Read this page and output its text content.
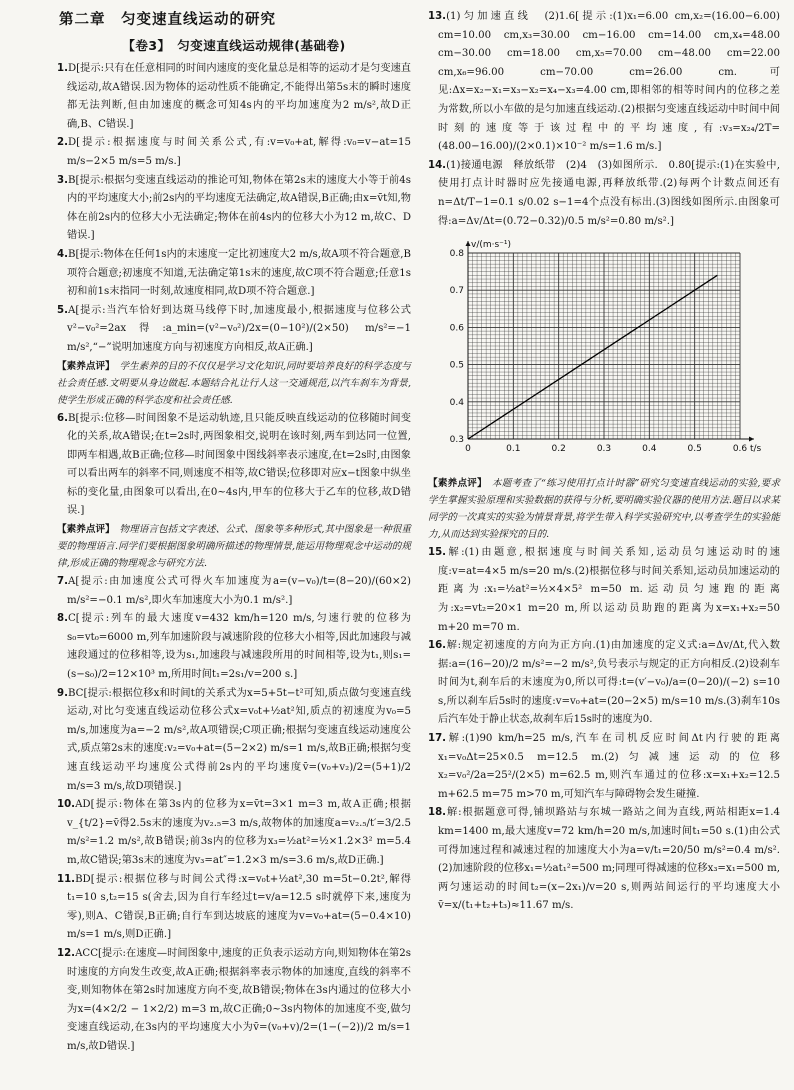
第二章　匀变速直线运动的研究
【卷3】　匀变速直线运动规律(基础卷)

1.D[提示:只有在任意相同的时间内速度的变化量总是相等的运动才是匀变速直线运动,故A错误.因为物体的运动性质不能确定,不能得出第5s末的瞬时速度都无法判断,但由加速度的概念可知4s内的平均加速度为2 m/s²,故D正确,B、C错误.]

2.D[提示:根据速度与时间关系公式,有:v=v₀+at,解得:v₀=v−at=15 m/s−2×5 m/s=5 m/s.]

3.B[提示:根据匀变速直线运动的推论可知,物体在第2s末的速度大小等于前4s内的平均速度大小;前2s内的平均速度无法确定,故A错误,B正确;由x=v̄t知,物体在前2s内的位移大小无法确定;物体在前4s内的位移大小为12 m,故C、D错误.]

4.B[提示:物体在任何1s内的末速度一定比初速度大2 m/s,故A项不符合题意,B项符合题意;初速度不知道,无法确定第1s末的速度,故C项不符合题意;任意1s初和前1s末指同一时刻,故速度相同,故D项不符合题意.]

5.A[提示:当汽车恰好到达斑马线停下时,加速度最小,根据速度与位移公式v²−v₀²=2ax得:a_min=(v²−v₀²)/2x=(0−10²)/(2×50) m/s²=−1 m/s²,“−”说明加速度方向与初速度方向相反,故A正确.]

【素养点评】　学生素养的目的不仅仅是学习文化知识,同时要培养良好的科学态度与社会责任感.文明要从身边做起.本题结合礼让行人这一交通规范,以汽车刹车为背景,使学生形成正确的科学态度和社会责任感.

6.B[提示:位移—时间图象不是运动轨迹,且只能反映直线运动的位移随时间变化的关系,故A错误;在t=2s时,两图象相交,说明在该时刻,两车到达同一位置,即两车相遇,故B正确;位移—时间图象中图线斜率表示速度,在t=2s时,由图象可以看出两车的斜率不同,则速度不相等,故C错误;位移即对应x−t图象中纵坐标的变化量,由图象可以看出,在0~4s内,甲车的位移大于乙车的位移,故D错误.]

【素养点评】　物理语言包括文字表述、公式、图象等多种形式,其中图象是一种很重要的物理语言.同学们要根据图象明确所描述的物理情景,能运用物理观念中运动的规律,形成正确的物理观念与研究方法.

7.A[提示:由加速度公式可得火车加速度为a=(v−v₀)/t=(8−20)/(60×2) m/s²=−0.1 m/s²,即火车加速度大小为0.1 m/s².]

8.C[提示:列车的最大速度v=432 km/h=120 m/s,匀速行驶的位移为s₀=vt₀=6000 m,列车加速阶段与减速阶段的位移大小相等,因此加速段与减速段通过的位移相等,设为s₁,加速段与减速段所用的时间相等,设为t₁,则s₁=(s−s₀)/2=12×10³ m,所用时间t₁=2s₁/v=200 s.]

9.BC[提示:根据位移x和时间t的关系式为x=5+5t−t²可知,质点做匀变速直线运动,对比匀变速直线运动位移公式x=v₀t+½at²知,质点的初速度为v₀=5 m/s,加速度为a=−2 m/s²,故A项错误;C项正确;根据匀变速直线运动速度公式,质点第2s末的速度:v₂=v₀+at=(5−2×2) m/s=1 m/s,故B正确;根据匀变速直线运动平均速度公式得前2s内的平均速度v̄=(v₀+v₂)/2=(5+1)/2 m/s=3 m/s,故D项错误.]

10.AD[提示:物体在第3s内的位移为x=v̄t=3×1 m=3 m,故A正确;根据v_{t/2}=v̄得2.5s末的速度为v₂.₅=3 m/s,故物体的加速度a=v₂.₅/t′=3/2.5 m/s²=1.2 m/s²,故B错误;前3s内的位移为x₃=½at²=½×1.2×3² m=5.4 m,故C错误;第3s末的速度为v₃=at″=1.2×3 m/s=3.6 m/s,故D正确.]

11.BD[提示:根据位移与时间公式得:x=v₀t+½at²,30 m=5t−0.2t²,解得t₁=10 s,t₂=15 s(舍去,因为自行车经过t=v/a=12.5 s时就停下来,速度为零),则A、C错误,B正确;自行车到达坡底的速度为v=v₀+at=(5−0.4×10) m/s=1 m/s,则D正确.]

12.ACC[提示:在速度—时间图象中,速度的正负表示运动方向,则知物体在第2s时速度的方向发生改变,故A正确;根据斜率表示物体的加速度,直线的斜率不变,则知物体在第2s时加速度方向不变,故B错误;物体在3s内通过的位移大小为x=(4×2/2 − 1×2/2) m=3 m,故C正确;0~3s内物体的加速度不变,做匀变速直线运动,在3s内的平均速度大小为v̄=(v₀+v)/2=(1−(−2))/2 m/s=1 m/s,故D错误.]

13.(1)匀加速直线　(2)1.6[提示:(1)x₁=6.00 cm,x₂=(16.00−6.00) cm=10.00 cm,x₃=30.00 cm−16.00 cm=14.00 cm,x₄=48.00 cm−30.00 cm=18.00 cm,x₅=70.00 cm−48.00 cm=22.00 cm,x₆=96.00 cm−70.00 cm=26.00 cm.可见:Δx=x₂−x₁=x₃−x₂=x₄−x₃=4.00 cm,即相邻的相等时间内的位移之差为常数,所以小车做的是匀加速直线运动.(2)根据匀变速直线运动中时间中间时刻的速度等于该过程中的平均速度,有:v₃=x₂₄/2T=(48.00−16.00)/(2×0.1)×10⁻² m/s=1.6 m/s.]

14.(1)接通电源　释放纸带　(2)4　(3)如图所示.　0.80[提示:(1)在实验中,使用打点计时器时应先接通电源,再释放纸带.(2)每两个计数点间还有n=Δt/T−1=0.1 s/0.02 s−1=4个点没有标出.(3)图线如图所示.由图象可得:a=Δv/Δt=(0.72−0.32)/0.5 m/s²=0.80 m/s².]

0	0.1	0.2	0.3	0.4	0.5	0.6
0.3
0.4
0.5
0.6
0.7
0.8
t/s
v/(m·s⁻¹)

【素养点评】　本题考查了“练习使用打点计时器”研究匀变速直线运动的实验,要求学生掌握实验原理和实验数据的获得与分析,要明确实验仪器的使用方法.题目以求某同学的一次真实的实验为情景背景,将学生带入科学实验研究中,以考查学生的实验能力,从而达到实验探究的目的.

15.解:(1)由题意,根据速度与时间关系知,运动员匀速运动时的速度:v=at=4×5 m/s=20 m/s.(2)根据位移与时间关系知,运动员加速运动的距离为:x₁=½at²=½×4×5² m=50 m.运动员匀速跑的距离为:x₂=vt₂=20×1 m=20 m,所以运动员助跑的距离为x=x₁+x₂=50 m+20 m=70 m.

16.解:规定初速度的方向为正方向.(1)由加速度的定义式:a=Δv/Δt,代入数据:a=(16−20)/2 m/s²=−2 m/s²,负号表示与规定的正方向相反.(2)设刹车时间为t,刹车后的末速度为0,所以可得:t=(v′−v₀)/a=(0−20)/(−2) s=10 s,所以刹车后5s时的速度:v=v₀+at=(20−2×5) m/s=10 m/s.(3)刹车10s后汽车处于静止状态,故刹车后15s时的速度为0.

17.解:(1)90 km/h=25 m/s,汽车在司机反应时间Δt内行驶的距离x₁=v₀Δt=25×0.5 m=12.5 m.(2)匀减速运动的位移x₂=v₀²/2a=25²/(2×5) m=62.5 m,则汽车通过的位移:x=x₁+x₂=12.5 m+62.5 m=75 m>70 m,可知汽车与障碍物会发生碰撞.

18.解:根据题意可得,铺坝路站与东城一路站之间为直线,两站相距x=1.4 km=1400 m,最大速度v=72 km/h=20 m/s,加速时间t₁=50 s.(1)由公式可得加速过程和减速过程的加速度大小为a=v/t₁=20/50 m/s²=0.4 m/s².(2)加速阶段的位移x₁=½at₁²=500 m;同理可得减速的位移x₃=x₁=500 m,两匀速运动的时间t₂=(x−2x₁)/v=20 s,则两站间运行的平均速度大小v̄=x/(t₁+t₂+t₃)≈11.67 m/s.
